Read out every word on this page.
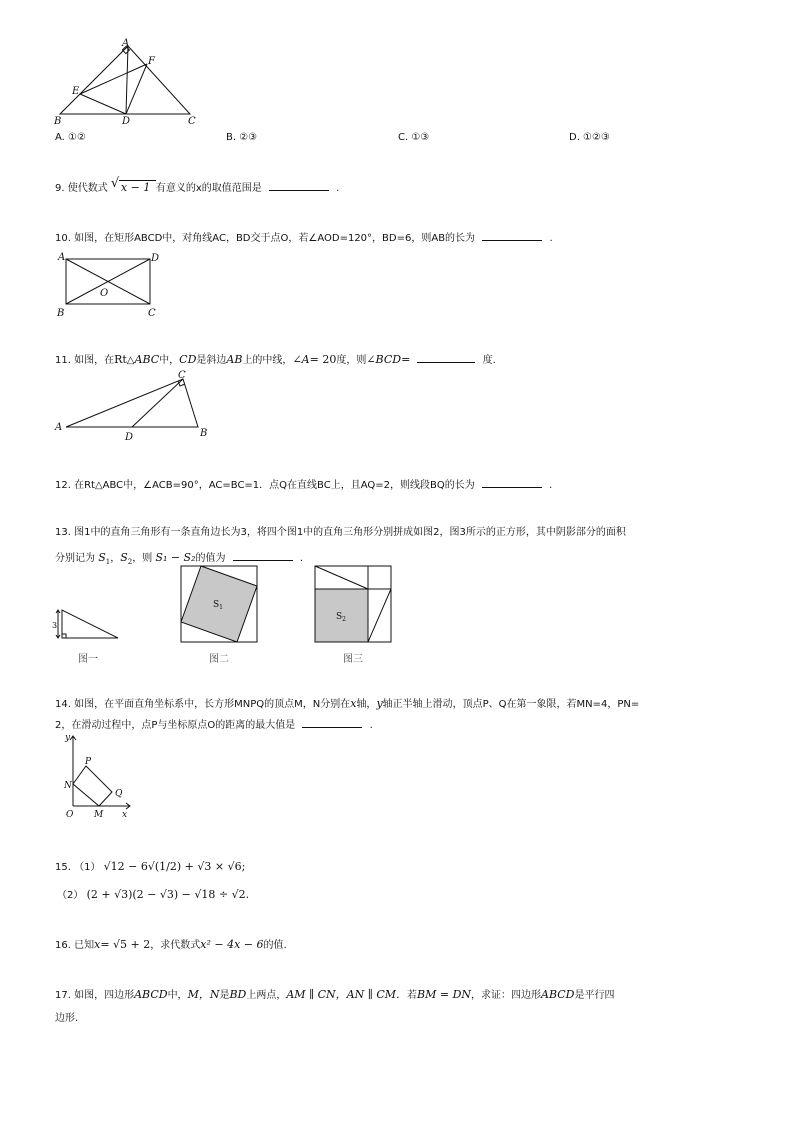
A
F
E
B	D	C
A. ①②	B. ②③	C. ①③	D. ①②③
9. 使代数式 √ x − 1 有意义的x的取值范围是	.
10. 如图，在矩形ABCD中，对角线AC，BD交于点O，若∠AOD=120°，BD=6，则AB的长为	.
A	D
O
B	C
11. 如图，在Rt△ABC中，CD是斜边AB上的中线，∠A= 20度，则∠BCD=	度.
A
C
D	B
12. 在Rt△ABC中，∠ACB=90°，AC=BC=1．点Q在直线BC上，且AQ=2，则线段BQ的长为	.
13. 图1中的直角三角形有一条直角边长为3，将四个图1中的直角三角形分别拼成如图2，图3所示的正方形，其中阴影部分的面积
分别记为 $S_1$，$S_2$，则 S₁ − S₂的值为	.
3
图一
$S_1$
图二
$S_2$
图三
14. 如图，在平面直角坐标系中，长方形MNPQ的顶点M，N分别在x轴，y轴正半轴上滑动，顶点P、Q在第一象限，若MN=4，PN=
2，在滑动过程中，点P与坐标原点O的距离的最大值是	.
y
P
N
Q
O M x
15. （1） √12 − 6√(1/2) + √3 × √6;
（2） (2 + √3)(2 − √3) − √18 ÷ √2.
16. 已知x= √5 + 2，求代数式x² − 4x − 6的值.
17. 如图，四边形ABCD中，M，N是BD上两点，AM ∥ CN，AN ∥ CM．若BM = DN，求证：四边形ABCD是平行四
边形.
